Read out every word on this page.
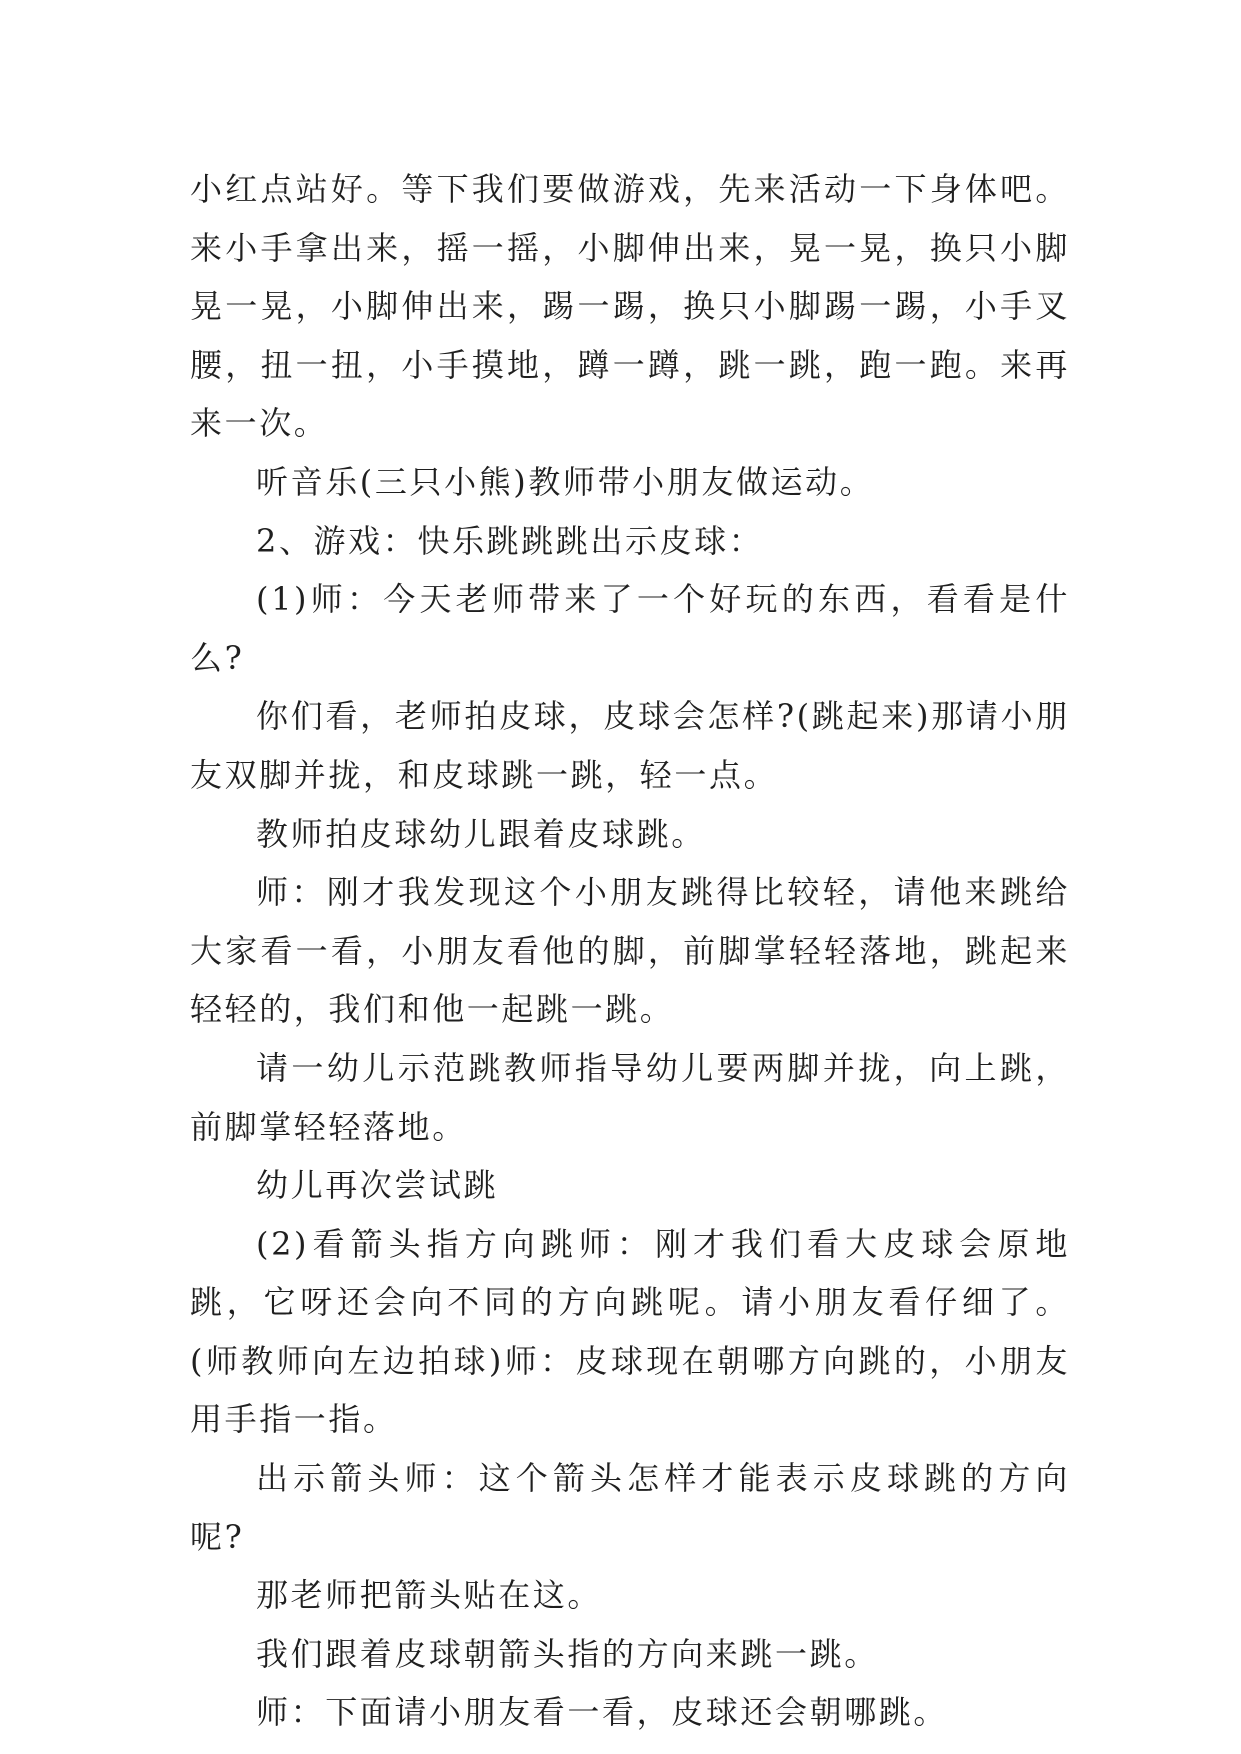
小红点站好。等下我们要做游戏，先来活动一下身体吧。来小手拿出来，摇一摇，小脚伸出来，晃一晃，换只小脚晃一晃，小脚伸出来，踢一踢，换只小脚踢一踢，小手叉腰，扭一扭，小手摸地，蹲一蹲，跳一跳，跑一跑。来再来一次。

听音乐(三只小熊)教师带小朋友做运动。

2、游戏：快乐跳跳跳出示皮球：

(1)师：今天老师带来了一个好玩的东西，看看是什么?

你们看，老师拍皮球，皮球会怎样?(跳起来)那请小朋友双脚并拢，和皮球跳一跳，轻一点。

教师拍皮球幼儿跟着皮球跳。

师：刚才我发现这个小朋友跳得比较轻，请他来跳给大家看一看，小朋友看他的脚，前脚掌轻轻落地，跳起来轻轻的，我们和他一起跳一跳。

请一幼儿示范跳教师指导幼儿要两脚并拢，向上跳，前脚掌轻轻落地。

幼儿再次尝试跳

(2)看箭头指方向跳师：刚才我们看大皮球会原地跳，它呀还会向不同的方向跳呢。请小朋友看仔细了。(师教师向左边拍球)师：皮球现在朝哪方向跳的，小朋友用手指一指。

出示箭头师：这个箭头怎样才能表示皮球跳的方向呢?

那老师把箭头贴在这。

我们跟着皮球朝箭头指的方向来跳一跳。

师：下面请小朋友看一看，皮球还会朝哪跳。
